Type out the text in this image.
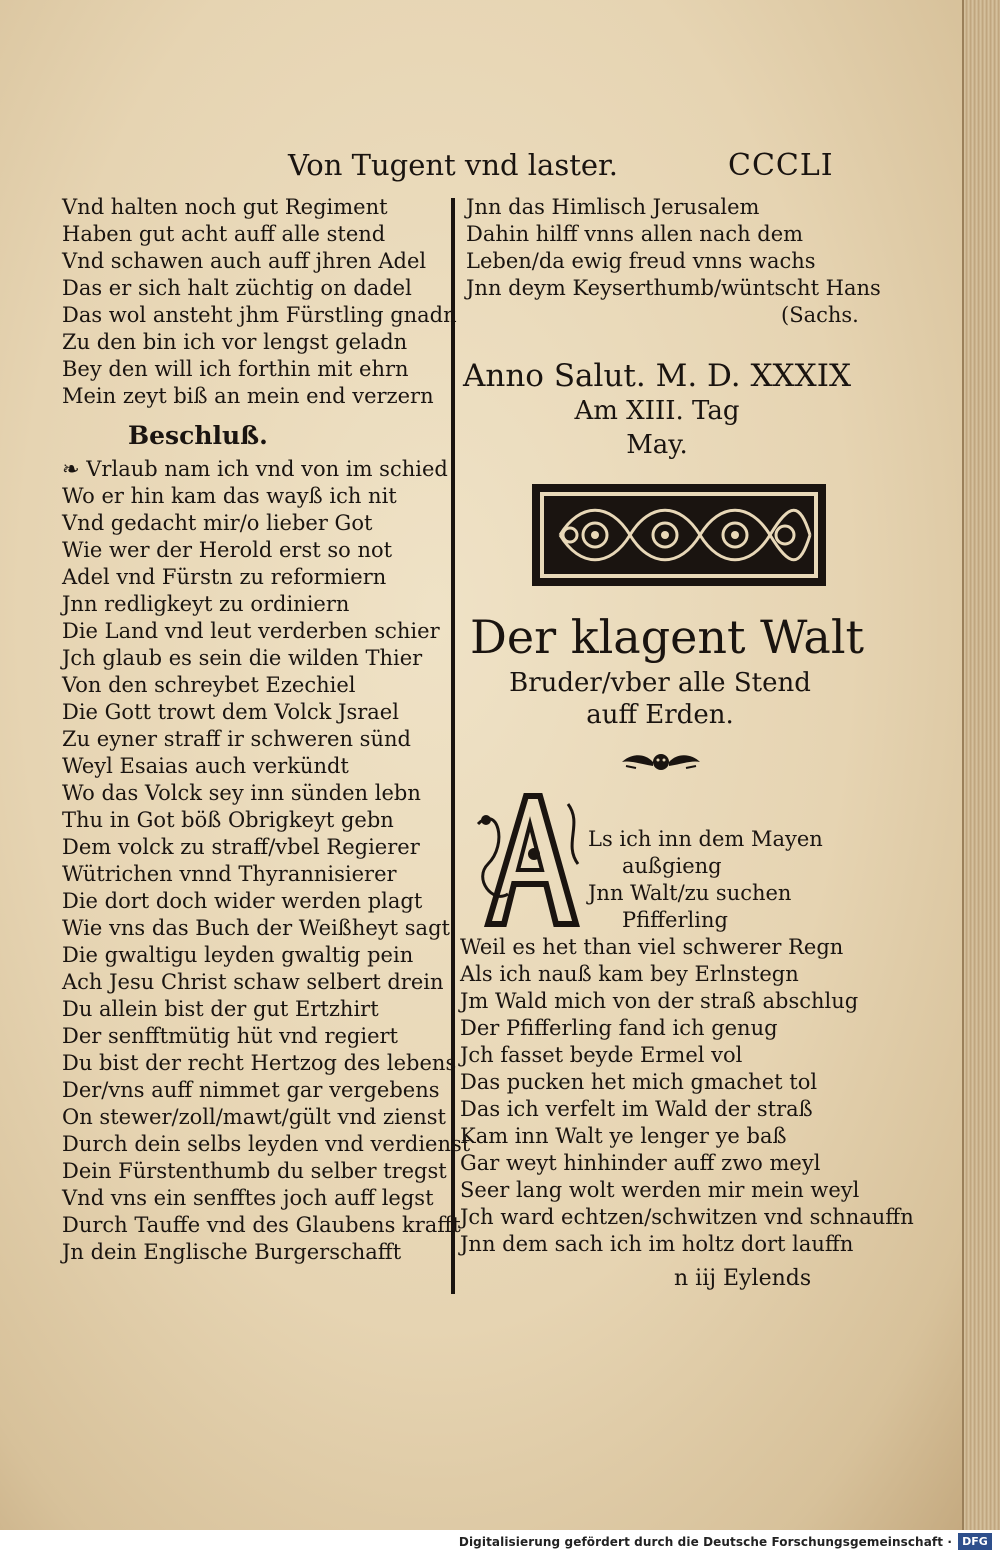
Von Tugent vnd laster.	CCCLI
Vnd halten noch gut Regiment
Haben gut acht auff alle stend
Vnd schawen auch auff jhren Adel
Das er sich halt züchtig on dadel
Das wol ansteht jhm Fürstling gnadn
Zu den bin ich vor lengst geladn
Bey den will ich forthin mit ehrn
Mein zeyt biß an mein end verzern
Beschluß.
❧ Vrlaub nam ich vnd von im schied
Wo er hin kam das wayß ich nit
Vnd gedacht mir/o lieber Got
Wie wer der Herold erst so not
Adel vnd Fürstn zu reformiern
Jnn redligkeyt zu ordiniern
Die Land vnd leut verderben schier
Jch glaub es sein die wilden Thier
Von den schreybet Ezechiel
Die Gott trowt dem Volck Jsrael
Zu eyner straff ir schweren sünd
Weyl Esaias auch verkündt
Wo das Volck sey inn sünden lebn
Thu in Got böß Obrigkeyt gebn
Dem volck zu straff/vbel Regierer
Wütrichen vnnd Thyrannisierer
Die dort doch wider werden plagt
Wie vns das Buch der Weißheyt sagt
Die gwaltigu leyden gwaltig pein
Ach Jesu Christ schaw selbert drein
Du allein bist der gut Ertzhirt
Der senfftmütig hüt vnd regiert
Du bist der recht Hertzog des lebens
Der/vns auff nimmet gar vergebens
On stewer/zoll/mawt/gült vnd zienst
Durch dein selbs leyden vnd verdienst
Dein Fürstenthumb du selber tregst
Vnd vns ein senfftes joch auff legst
Durch Tauffe vnd des Glaubens krafft
Jn dein Englische Burgerschafft
Jnn das Himlisch Jerusalem
Dahin hilff vnns allen nach dem
Leben/da ewig freud vnns wachs
Jnn deym Keyserthumb/wüntscht Hans
(Sachs.
Anno Salut. M. D. XXXIX
Am XIII. Tag
May.
Der klagent Walt
Bruder/vber alle Stend
auff Erden.
Ls ich inn dem Mayen
außgieng
Jnn Walt/zu suchen
Pfifferling
Weil es het than viel schwerer Regn
Als ich nauß kam bey Erlnstegn
Jm Wald mich von der straß abschlug
Der Pfifferling fand ich genug
Jch fasset beyde Ermel vol
Das pucken het mich gmachet tol
Das ich verfelt im Wald der straß
Kam inn Walt ye lenger ye baß
Gar weyt hinhinder auff zwo meyl
Seer lang wolt werden mir mein weyl
Jch ward echtzen/schwitzen vnd schnauffn
Jnn dem sach ich im holtz dort lauffn
n iij Eylends
Digitalisierung gefördert durch die Deutsche Forschungsgemeinschaft · DFG
